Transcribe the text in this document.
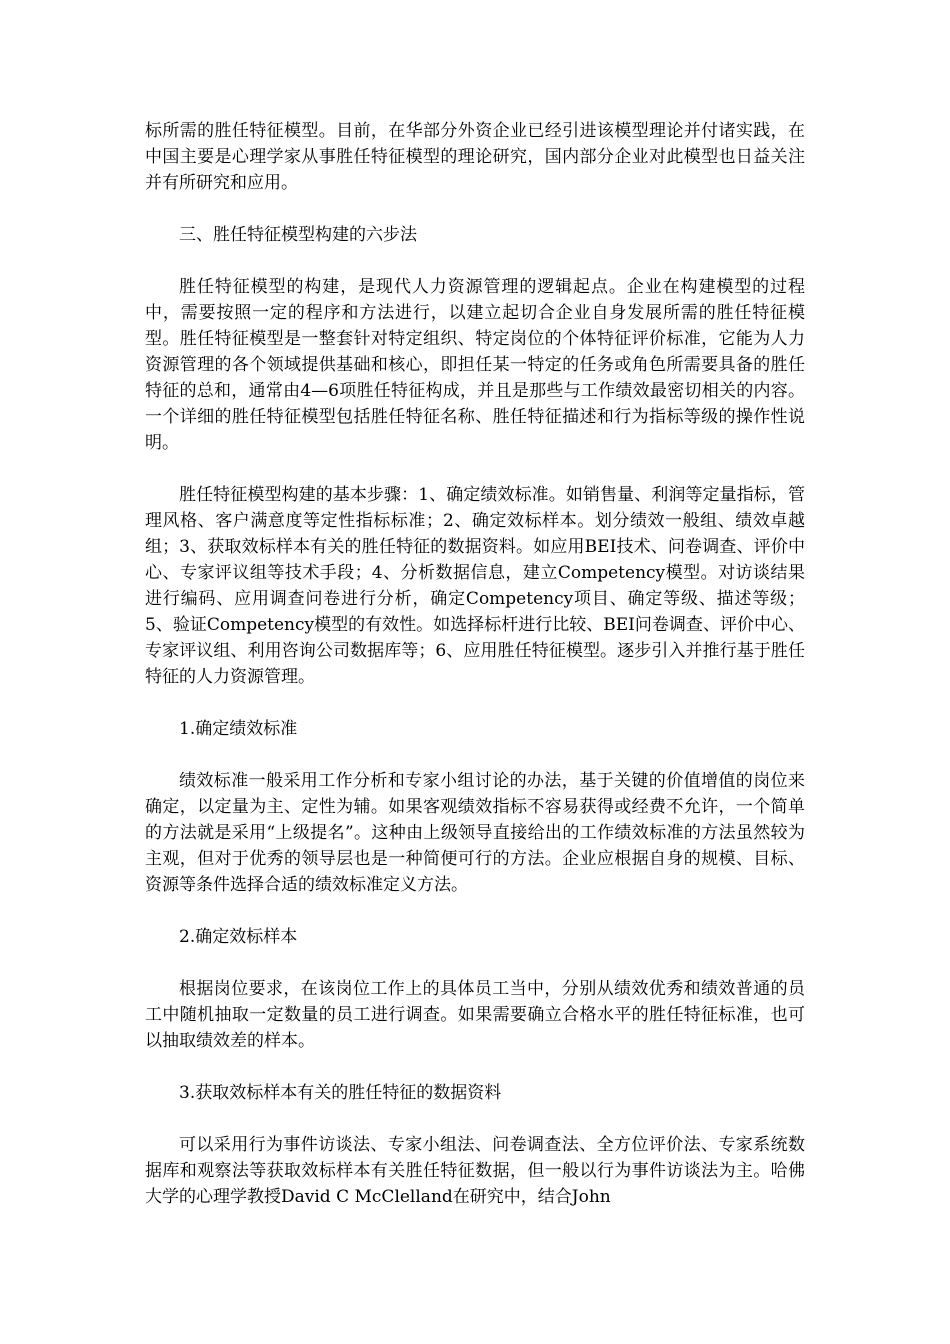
标所需的胜任特征模型。目前，在华部分外资企业已经引进该模型理论并付诸实践，在中国主要是心理学家从事胜任特征模型的理论研究，国内部分企业对此模型也日益关注并有所研究和应用。

三、胜任特征模型构建的六步法

胜任特征模型的构建，是现代人力资源管理的逻辑起点。企业在构建模型的过程中，需要按照一定的程序和方法进行，以建立起切合企业自身发展所需的胜任特征模型。胜任特征模型是一整套针对特定组织、特定岗位的个体特征评价标准，它能为人力资源管理的各个领域提供基础和核心，即担任某一特定的任务或角色所需要具备的胜任特征的总和，通常由4—6项胜任特征构成，并且是那些与工作绩效最密切相关的内容。一个详细的胜任特征模型包括胜任特征名称、胜任特征描述和行为指标等级的操作性说明。

胜任特征模型构建的基本步骤：1、确定绩效标准。如销售量、利润等定量指标，管理风格、客户满意度等定性指标标准；2、确定效标样本。划分绩效一般组、绩效卓越组；3、获取效标样本有关的胜任特征的数据资料。如应用BEI技术、问卷调查、评价中心、专家评议组等技术手段；4、分析数据信息，建立Competency模型。对访谈结果进行编码、应用调查问卷进行分析，确定Competency项目、确定等级、描述等级；5、验证Competency模型的有效性。如选择标杆进行比较、BEI问卷调查、评价中心、专家评议组、利用咨询公司数据库等；6、应用胜任特征模型。逐步引入并推行基于胜任特征的人力资源管理。

1.确定绩效标准

绩效标准一般采用工作分析和专家小组讨论的办法，基于关键的价值增值的岗位来确定，以定量为主、定性为辅。如果客观绩效指标不容易获得或经费不允许，一个简单的方法就是采用“上级提名”。这种由上级领导直接给出的工作绩效标准的方法虽然较为主观，但对于优秀的领导层也是一种简便可行的方法。企业应根据自身的规模、目标、资源等条件选择合适的绩效标准定义方法。

2.确定效标样本

根据岗位要求，在该岗位工作上的具体员工当中，分别从绩效优秀和绩效普通的员工中随机抽取一定数量的员工进行调查。如果需要确立合格水平的胜任特征标准，也可以抽取绩效差的样本。

3.获取效标样本有关的胜任特征的数据资料

可以采用行为事件访谈法、专家小组法、问卷调查法、全方位评价法、专家系统数据库和观察法等获取效标样本有关胜任特征数据，但一般以行为事件访谈法为主。哈佛大学的心理学教授David C McClelland在研究中，结合John
